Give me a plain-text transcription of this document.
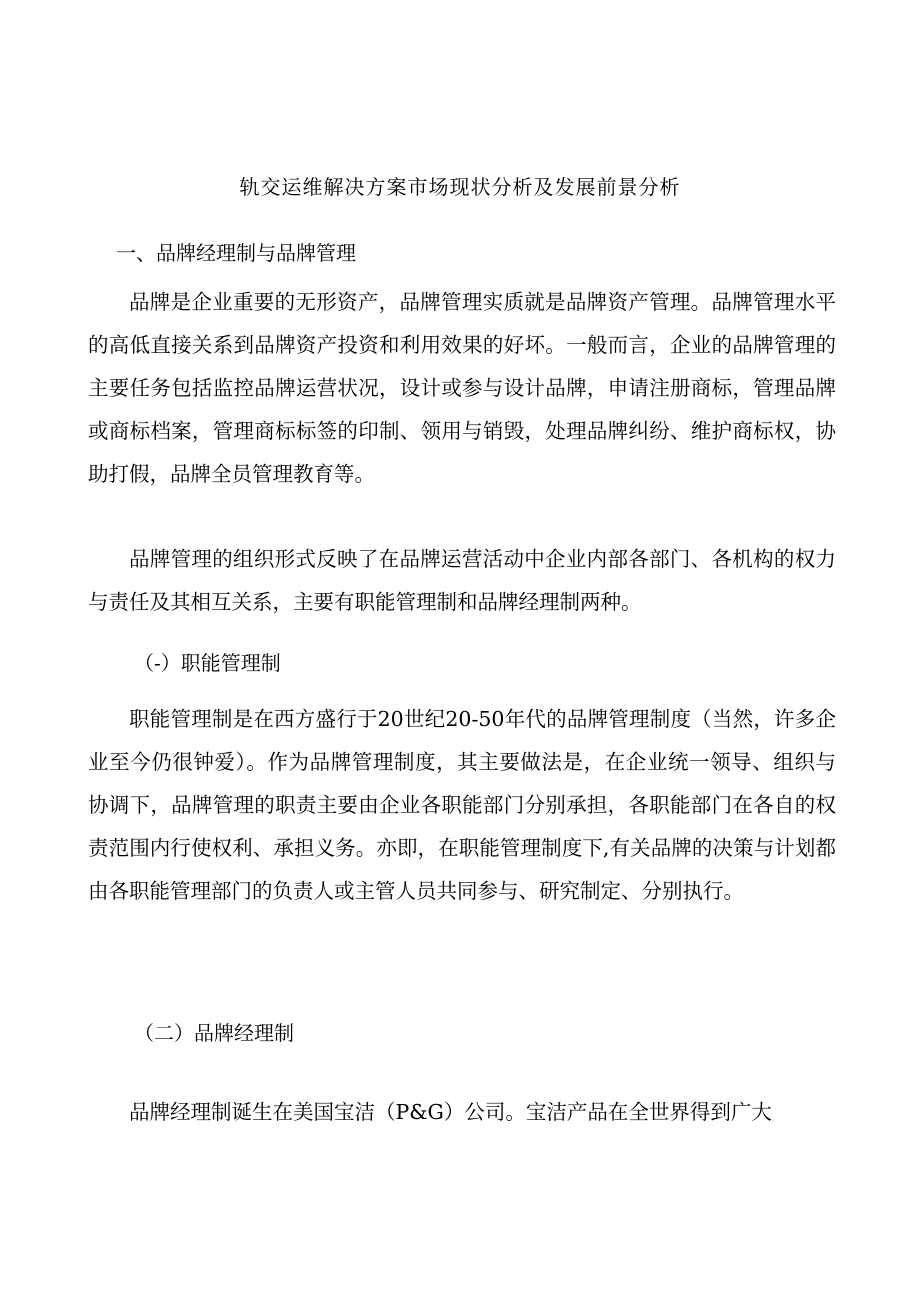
轨交运维解决方案市场现状分析及发展前景分析
一、品牌经理制与品牌管理

品牌是企业重要的无形资产，品牌管理实质就是品牌资产管理。品牌管理水平的高低直接关系到品牌资产投资和利用效果的好坏。一般而言，企业的品牌管理的主要任务包括监控品牌运营状况，设计或参与设计品牌，申请注册商标，管理品牌或商标档案，管理商标标签的印制、领用与销毁，处理品牌纠纷、维护商标权，协助打假，品牌全员管理教育等。

品牌管理的组织形式反映了在品牌运营活动中企业内部各部门、各机构的权力与责任及其相互关系，主要有职能管理制和品牌经理制两种。

（-）职能管理制

职能管理制是在西方盛行于20世纪20-50年代的品牌管理制度（当然，许多企业至今仍很钟爱）。作为品牌管理制度，其主要做法是，在企业统一领导、组织与协调下，品牌管理的职责主要由企业各职能部门分别承担，各职能部门在各自的权责范围内行使权利、承担义务。亦即，在职能管理制度下,有关品牌的决策与计划都由各职能管理部门的负责人或主管人员共同参与、研究制定、分别执行。

（二）品牌经理制

品牌经理制诞生在美国宝洁（P&G）公司。宝洁产品在全世界得到广大
